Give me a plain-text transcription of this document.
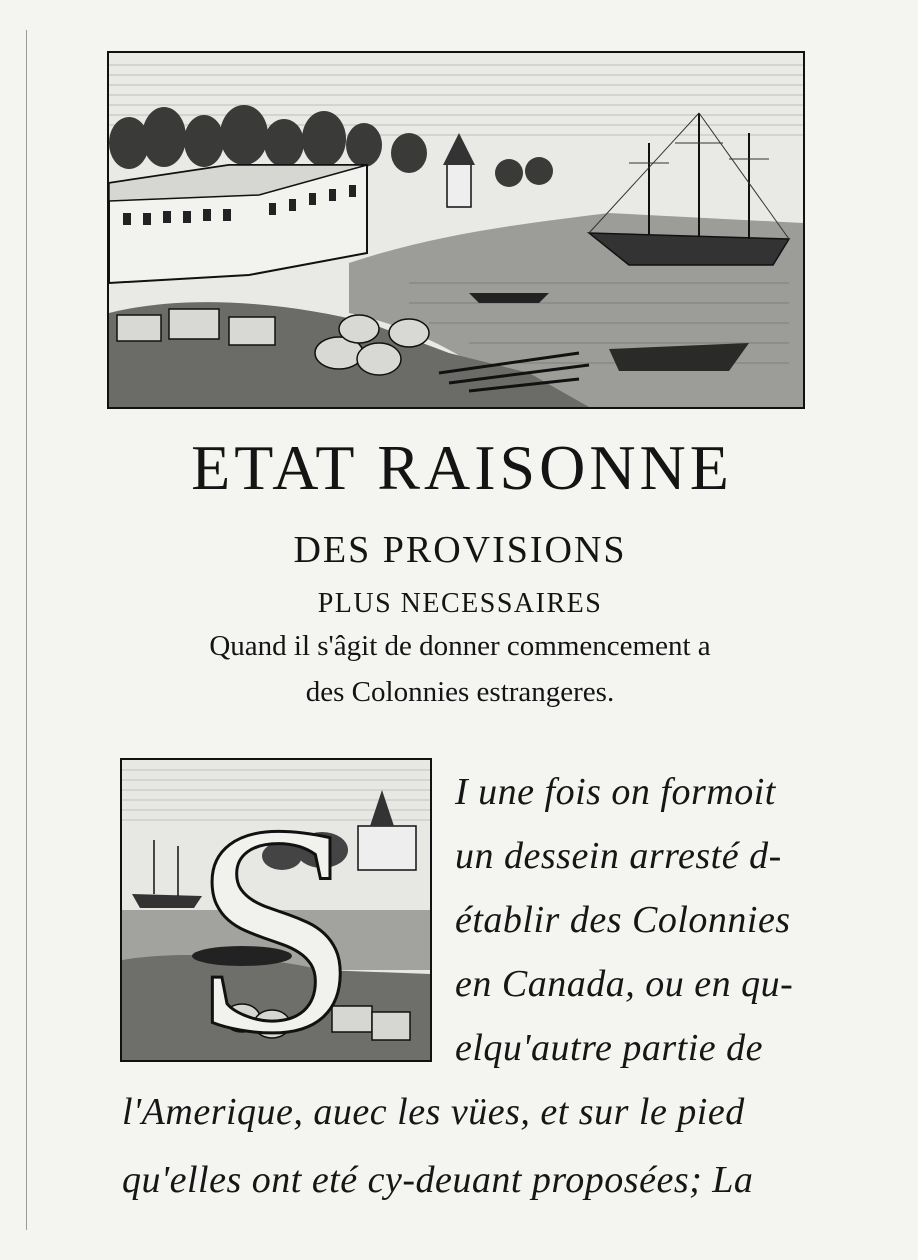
ETAT RAISONNE
DES PROVISIONS
PLUS NECESSAIRES
Quand il s'âgit de donner commencement a
des Colonnies estrangeres.
S	I une fois on formoit
un dessein arresté d-
établir des Colonnies
en Canada, ou en qu-
elqu'autre partie de
l'Amerique, auec les vües, et sur le pied
qu'elles ont eté cy-deuant proposées; La
